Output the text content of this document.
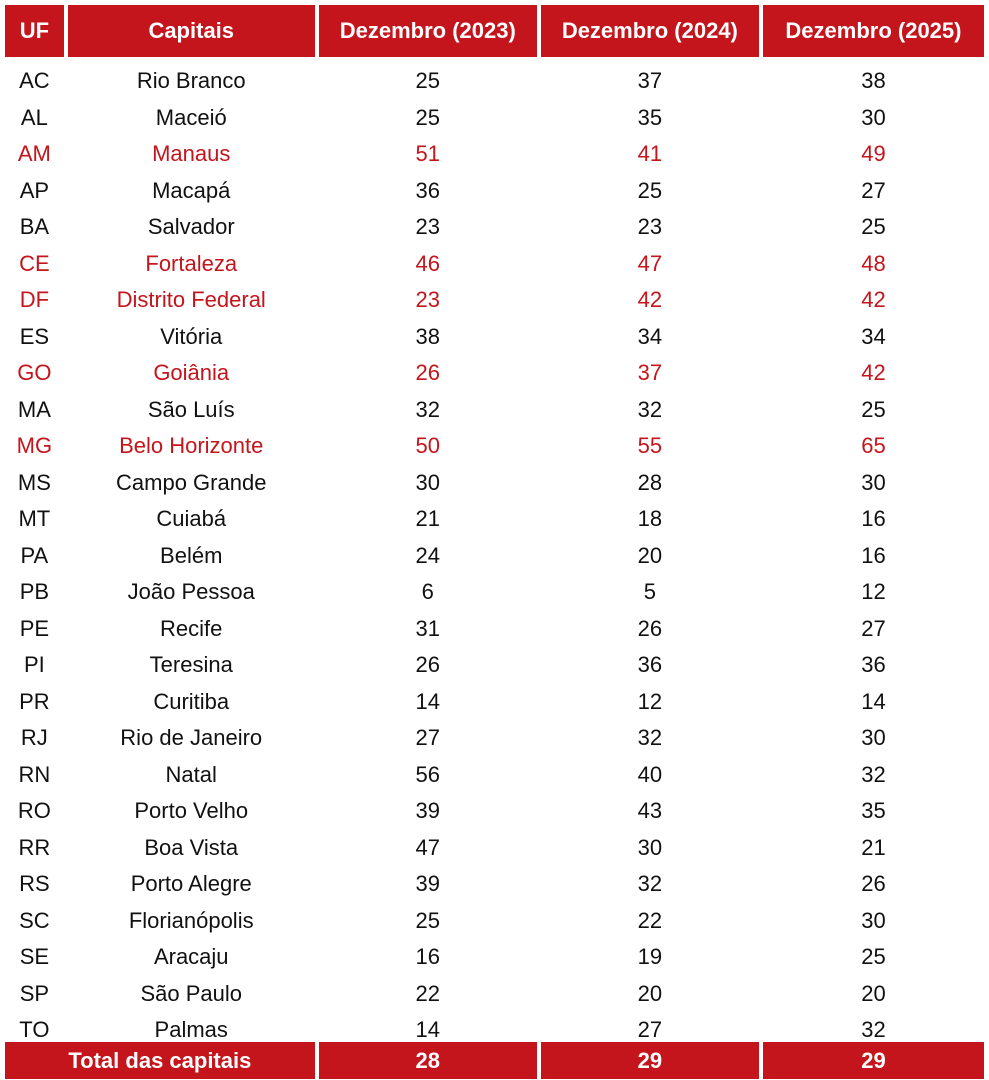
UF	Capitais	Dezembro (2023)	Dezembro (2024)	Dezembro (2025)
AC	Rio Branco	25	37	38
AL	Maceió	25	35	30
AM	Manaus	51	41	49
AP	Macapá	36	25	27
BA	Salvador	23	23	25
CE	Fortaleza	46	47	48
DF	Distrito Federal	23	42	42
ES	Vitória	38	34	34
GO	Goiânia	26	37	42
MA	São Luís	32	32	25
MG	Belo Horizonte	50	55	65
MS	Campo Grande	30	28	30
MT	Cuiabá	21	18	16
PA	Belém	24	20	16
PB	João Pessoa	6	5	12
PE	Recife	31	26	27
PI	Teresina	26	36	36
PR	Curitiba	14	12	14
RJ	Rio de Janeiro	27	32	30
RN	Natal	56	40	32
RO	Porto Velho	39	43	35
RR	Boa Vista	47	30	21
RS	Porto Alegre	39	32	26
SC	Florianópolis	25	22	30
SE	Aracaju	16	19	25
SP	São Paulo	22	20	20
TO	Palmas	14	27	32
Total das capitais	28	29	29
